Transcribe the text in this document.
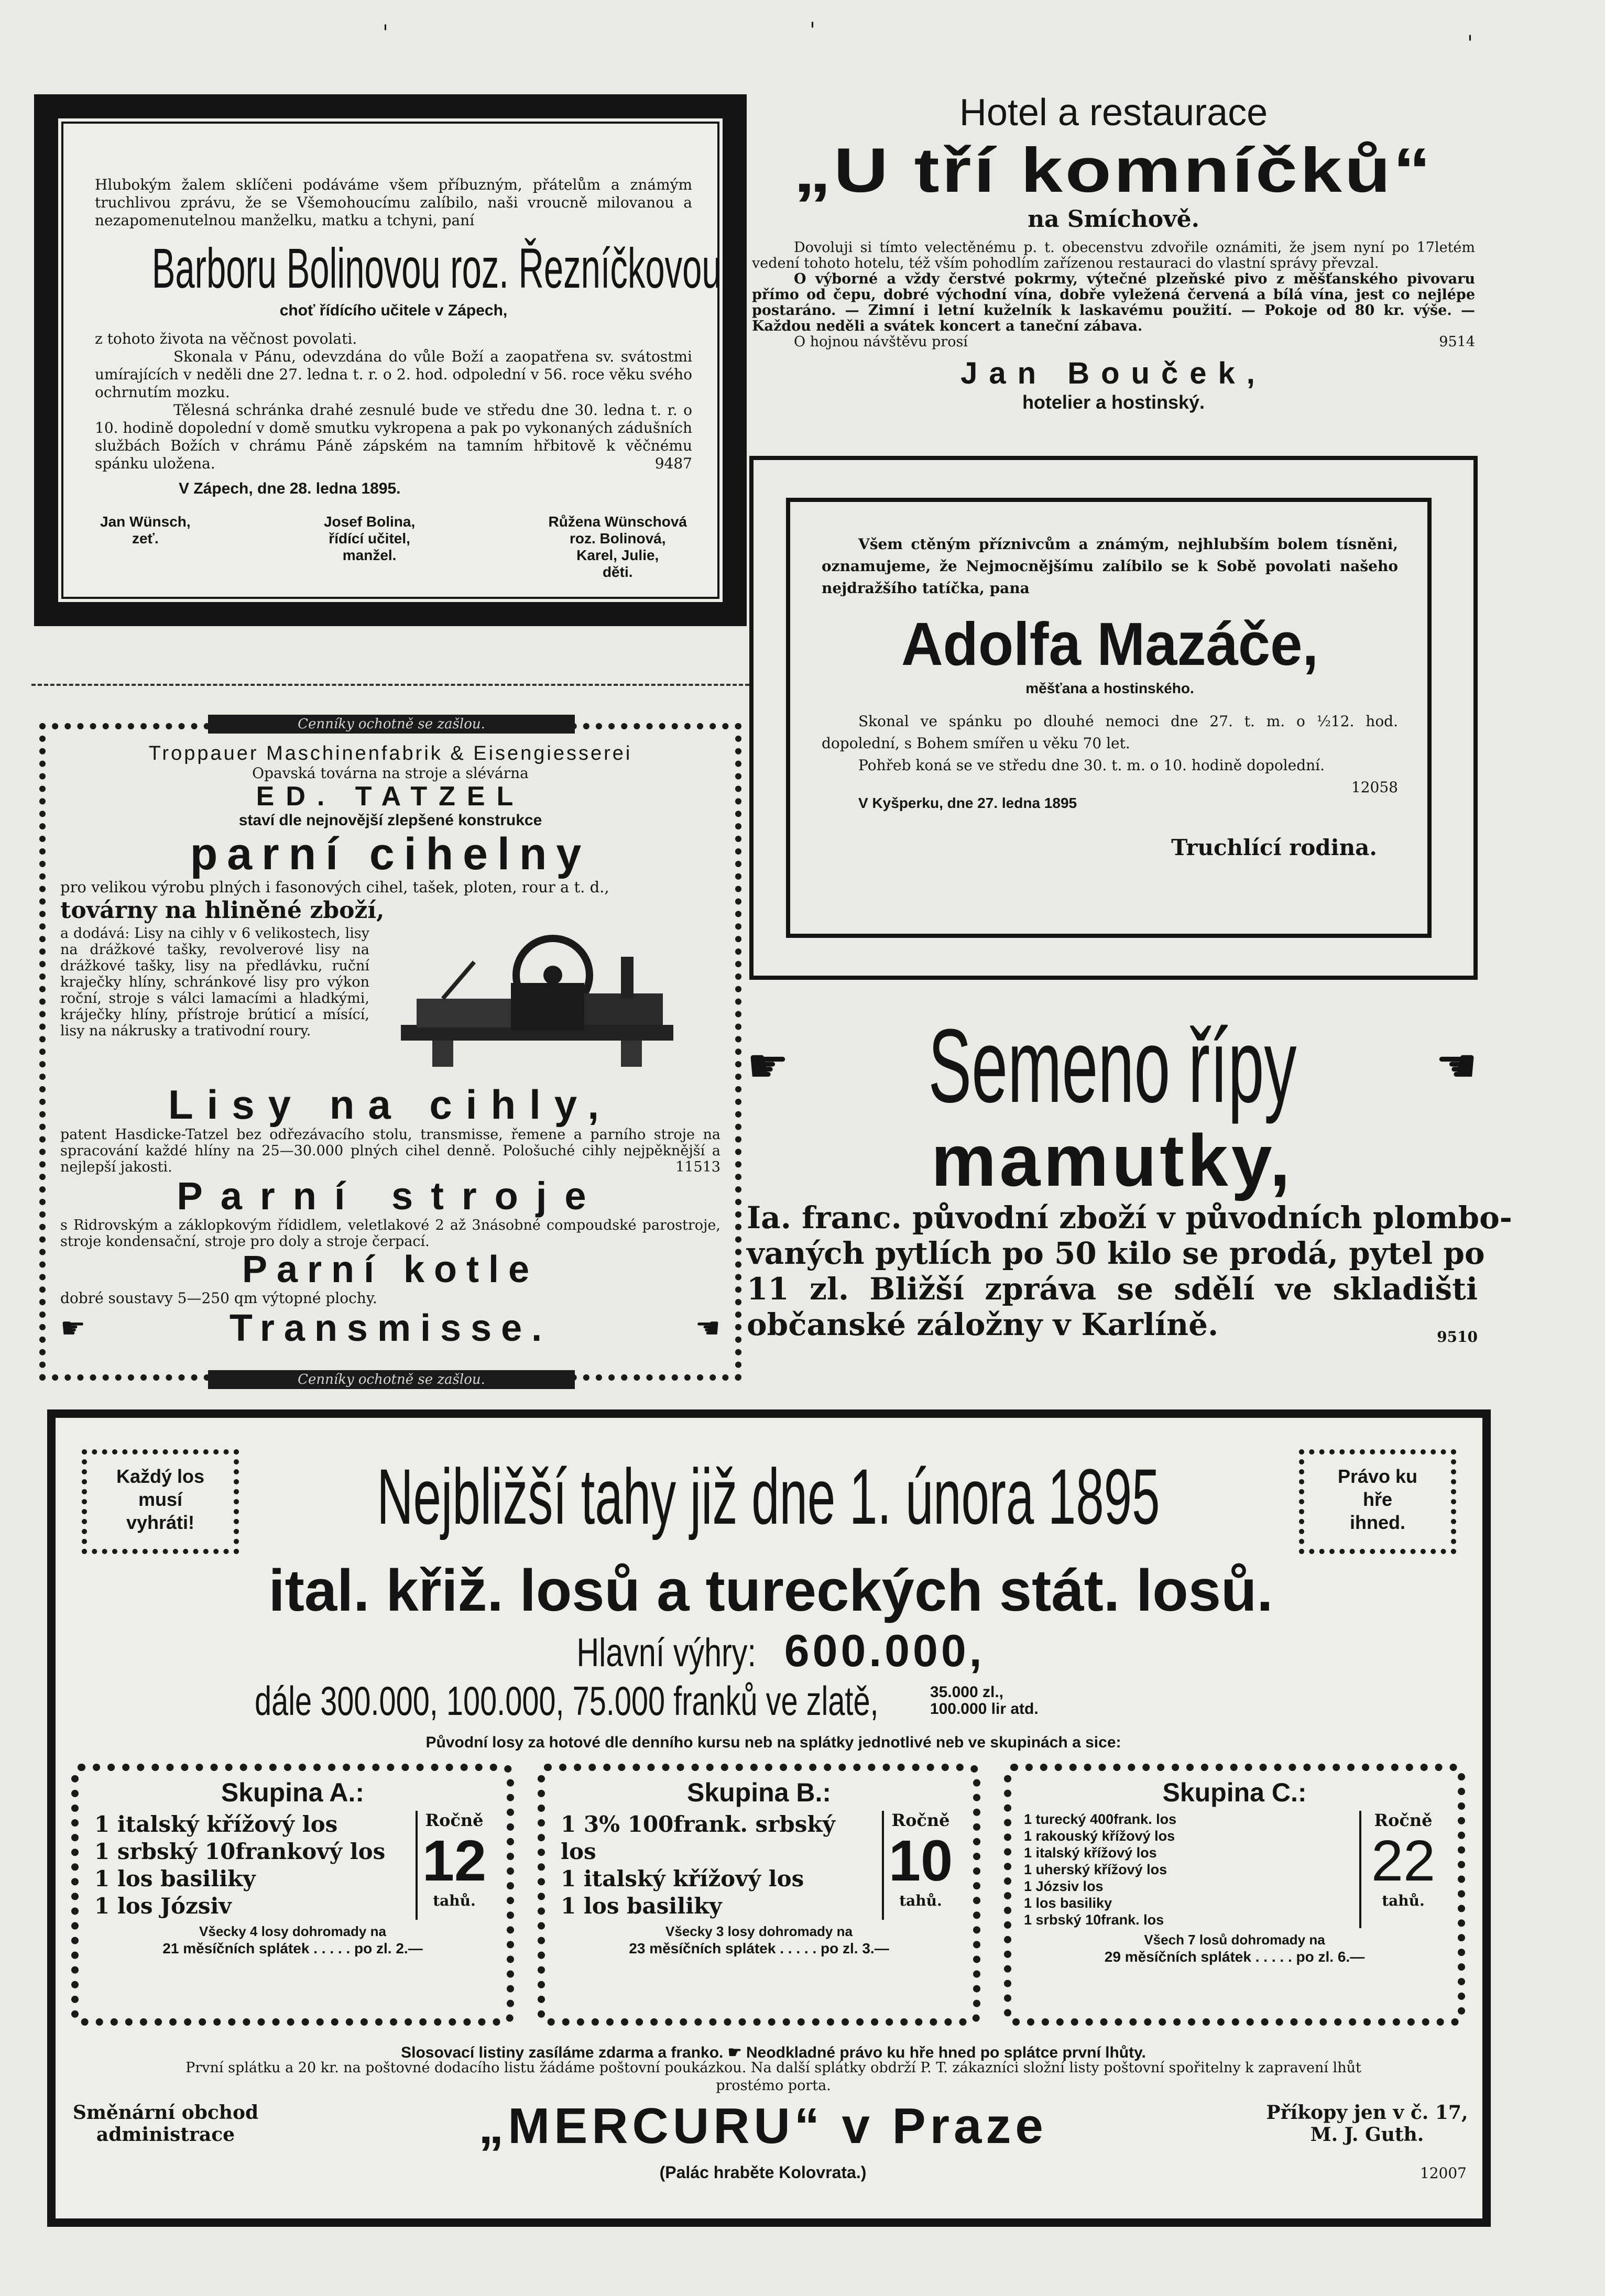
'	'
'
Hlubokým žalem sklíčeni podáváme všem příbuzným, přátelům a známým truchlivou zprávu, že se Všemohoucímu zalíbilo, naši vroucně milovanou a nezapomenutelnou manželku, matku a tchyni, paní
Barboru Bolinovou roz. Řezníčkovou,
choť řídícího učitele v Zápech,
z tohoto života na věčnost povolati.
Skonala v Pánu, odevzdána do vůle Boží a zaopatřena sv. svátostmi umírajících v neděli dne 27. ledna t. r. o 2. hod. odpolední v 56. roce věku svého ochrnutím mozku.
Tělesná schránka drahé zesnulé bude ve středu dne 30. ledna t. r. o 10. hodině dopolední v domě smutku vykropena a pak po vykonaných zádušních službách Božích v chrámu Páně zápském na tamním hřbitově k věčnému spánku uložena.	9487
V Zápech, dne 28. ledna 1895.
Jan Wünsch,
zeť.
Josef Bolina,
řídící učitel,
manžel.
Růžena Wünschová
roz. Bolinová,
Karel, Julie,
děti.
Hotel a restaurace
„U tří komníčků“
na Smíchově.
Dovoluji si tímto velectěnému p. t. obecenstvu zdvořile oznámiti, že jsem nyní po 17letém vedení tohoto hotelu, též vším pohodlím zařízenou restauraci do vlastní správy převzal.
O výborné a vždy čerstvé pokrmy, výtečné plzeňské pivo z měšťanského pivovaru přímo od čepu, dobré východní vína, dobře vyležená červená a bílá vína, jest co nejlépe postaráno. — Zimní i letní kuželník k laskavému použití. — Pokoje od 80 kr. výše. — Každou neděli a svátek koncert a taneční zábava.
O hojnou návštěvu prosí	9514
Jan Bouček,
hotelier a hostinský.
Všem ctěným příznivcům a známým, nejhlubším bolem tísněni, oznamujeme, že Nejmocnějšímu zalíbilo se k Sobě povolati našeho nejdražšího tatíčka, pana
Adolfa Mazáče,
měšťana a hostinského.
Skonal ve spánku po dlouhé nemoci dne 27. t. m. o ½12. hod. dopolední, s Bohem smířen u věku 70 let.
Pohřeb koná se ve středu dne 30. t. m. o 10. hodině dopolední.
12058
V Kyšperku, dne 27. ledna 1895
Truchlící rodina.
Cenníky ochotně se zašlou.
Troppauer Maschinenfabrik & Eisengiesserei
Opavská továrna na stroje a slévárna
ED. TATZEL
staví dle nejnovější zlepšené konstrukce
parní cihelny
pro velikou výrobu plných i fasonových cihel, tašek, ploten, rour a t. d.,
továrny na hliněné zboží,
a dodává: Lisy na cihly v 6 velikostech, lisy na drážkové tašky, revolverové lisy na drážkové tašky, lisy na předlávku, ruční kraječky hlíny, schránkové lisy pro výkon roční, stroje s válci lamacími a hladkými, kráječky hlíny, přístroje brúticí a mísící, lisy na nákrusky a trativodní roury.
Lisy na cihly,
patent Hasdicke-Tatzel bez odřezávacího stolu, transmisse, řemene a parního stroje na spracování každé hlíny na 25—30.000 plných cihel denně. Pološuché cihly nejpěknější a nejlepší jakosti.	11513
Parní stroje
s Ridrovským a záklopkovým řídidlem, veletlakové 2 až 3násobné compoudské parostroje, stroje kondensační, stroje pro doly a stroje čerpací.
Parní kotle
dobré soustavy 5—250 qm výtopné plochy.
☛	Transmisse.	☚
Cenníky ochotně se zašlou.
☛ Semeno řípy	☚
mamutky,
Ia. franc. původní zboží v původních plombo-
vaných pytlích po 50 kilo se prodá, pytel po
11 zl. Bližší zpráva se sdělí ve skladišti
občanské záložny v Karlíně.	9510
Každý los
musí
vyhráti!
Právo ku
hře
ihned.
Nejbližší tahy již dne 1. února 1895
ital. křiž. losů a tureckých stát. losů.
Hlavní výhry: 600.000,
dále 300.000, 100.000, 75.000 franků ve zlatě,	35.000 zl.,
100.000 lir atd.
Původní losy za hotové dle denního kursu neb na splátky jednotlivé neb ve skupinách a sice:
Skupina A.:
1 italský křížový los
1 srbský 10frankový los
1 los basiliky
1 los Józsiv
Ročně
12
tahů.
Všecky 4 losy dohromady na
21 měsíčních splátek . . . . . po zl. 2.—
Skupina B.:
1 3% 100frank. srbský
los
1 italský křížový los
1 los basiliky
Ročně
10
tahů.
Všecky 3 losy dohromady na
23 měsíčních splátek . . . . . po zl. 3.—
Skupina C.:
1 turecký 400frank. los
1 rakouský křížový los
1 italský křížový los
1 uherský křížový los
1 Józsiv los
1 los basiliky
1 srbský 10frank. los
Ročně
22
tahů.
Všech 7 losů dohromady na
29 měsíčních splátek . . . . . po zl. 6.—
Slosovací listiny zasíláme zdarma a franko. ☛ Neodkladné právo ku hře hned po splátce první lhůty.
První splátku a 20 kr. na poštovné dodacího listu žádáme poštovní poukázkou. Na další splátky obdrží P. T. zákazníci složní listy poštovní spořitelny k zapravení lhůt prostémo porta.
Směnární obchod
administrace	„MERCURU“ v Praze	Příkopy jen v č. 17,
M. J. Guth.
(Palác hraběte Kolovrata.)	12007
